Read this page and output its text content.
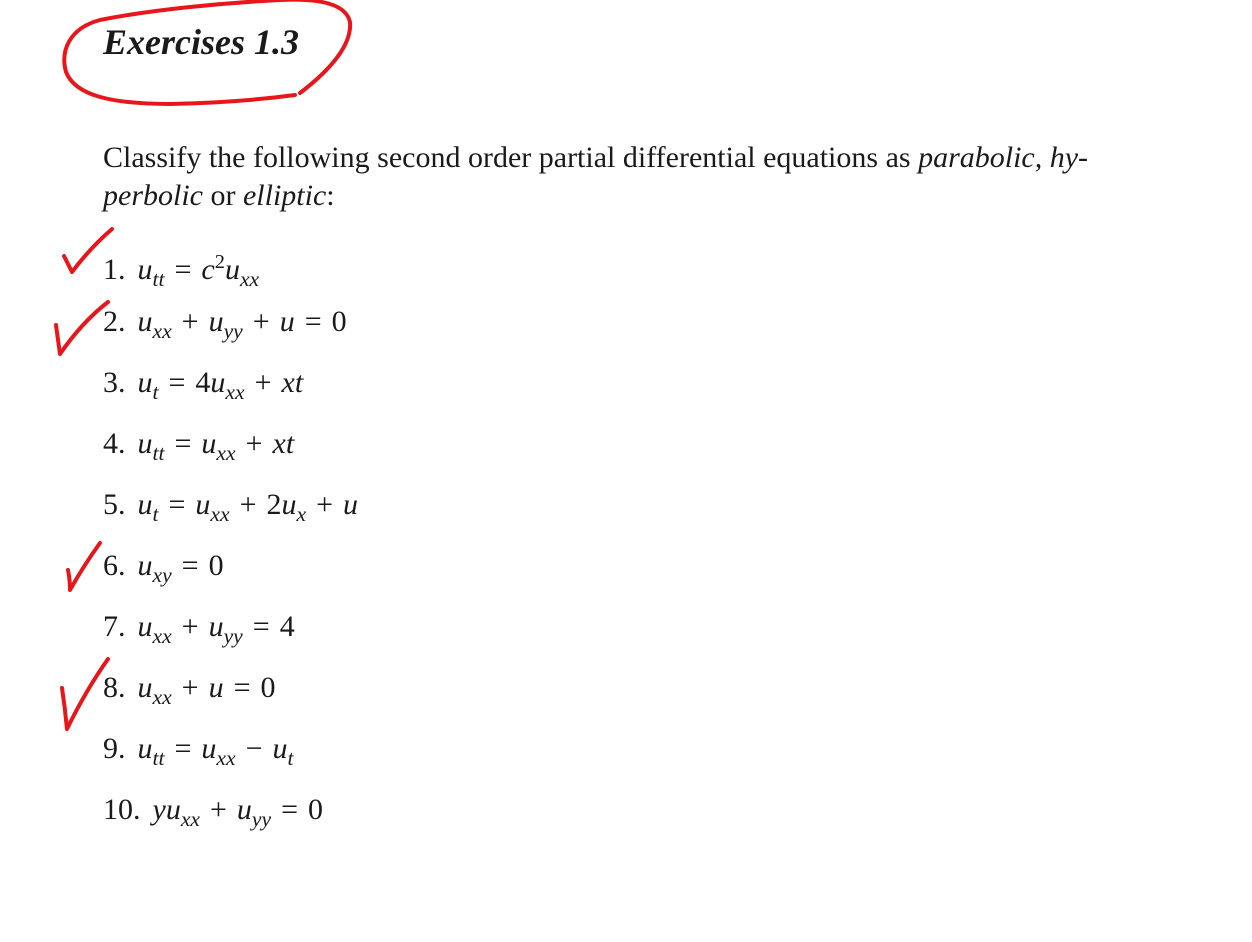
Exercises 1.3
Classify the following second order partial differential equations as parabolic, hy-
perbolic or elliptic:
1. $u_{tt} = c^2u_{xx}$
2. $u_{xx} + u_{yy} + u = 0$
3. $u_t = 4u_{xx}$ + xt
4. $u_{tt} = u_{xx}$ + xt
5. $u_t = u_{xx} + 2u_x + u$
6. $u_{xy} = 0$
7. $u_{xx} + u_{yy} = 4$
8. $u_{xx} + u = 0$
9. $u_{tt} = u_{xx} - u_t$
10. $yu_{xx} + u_{yy} = 0$
